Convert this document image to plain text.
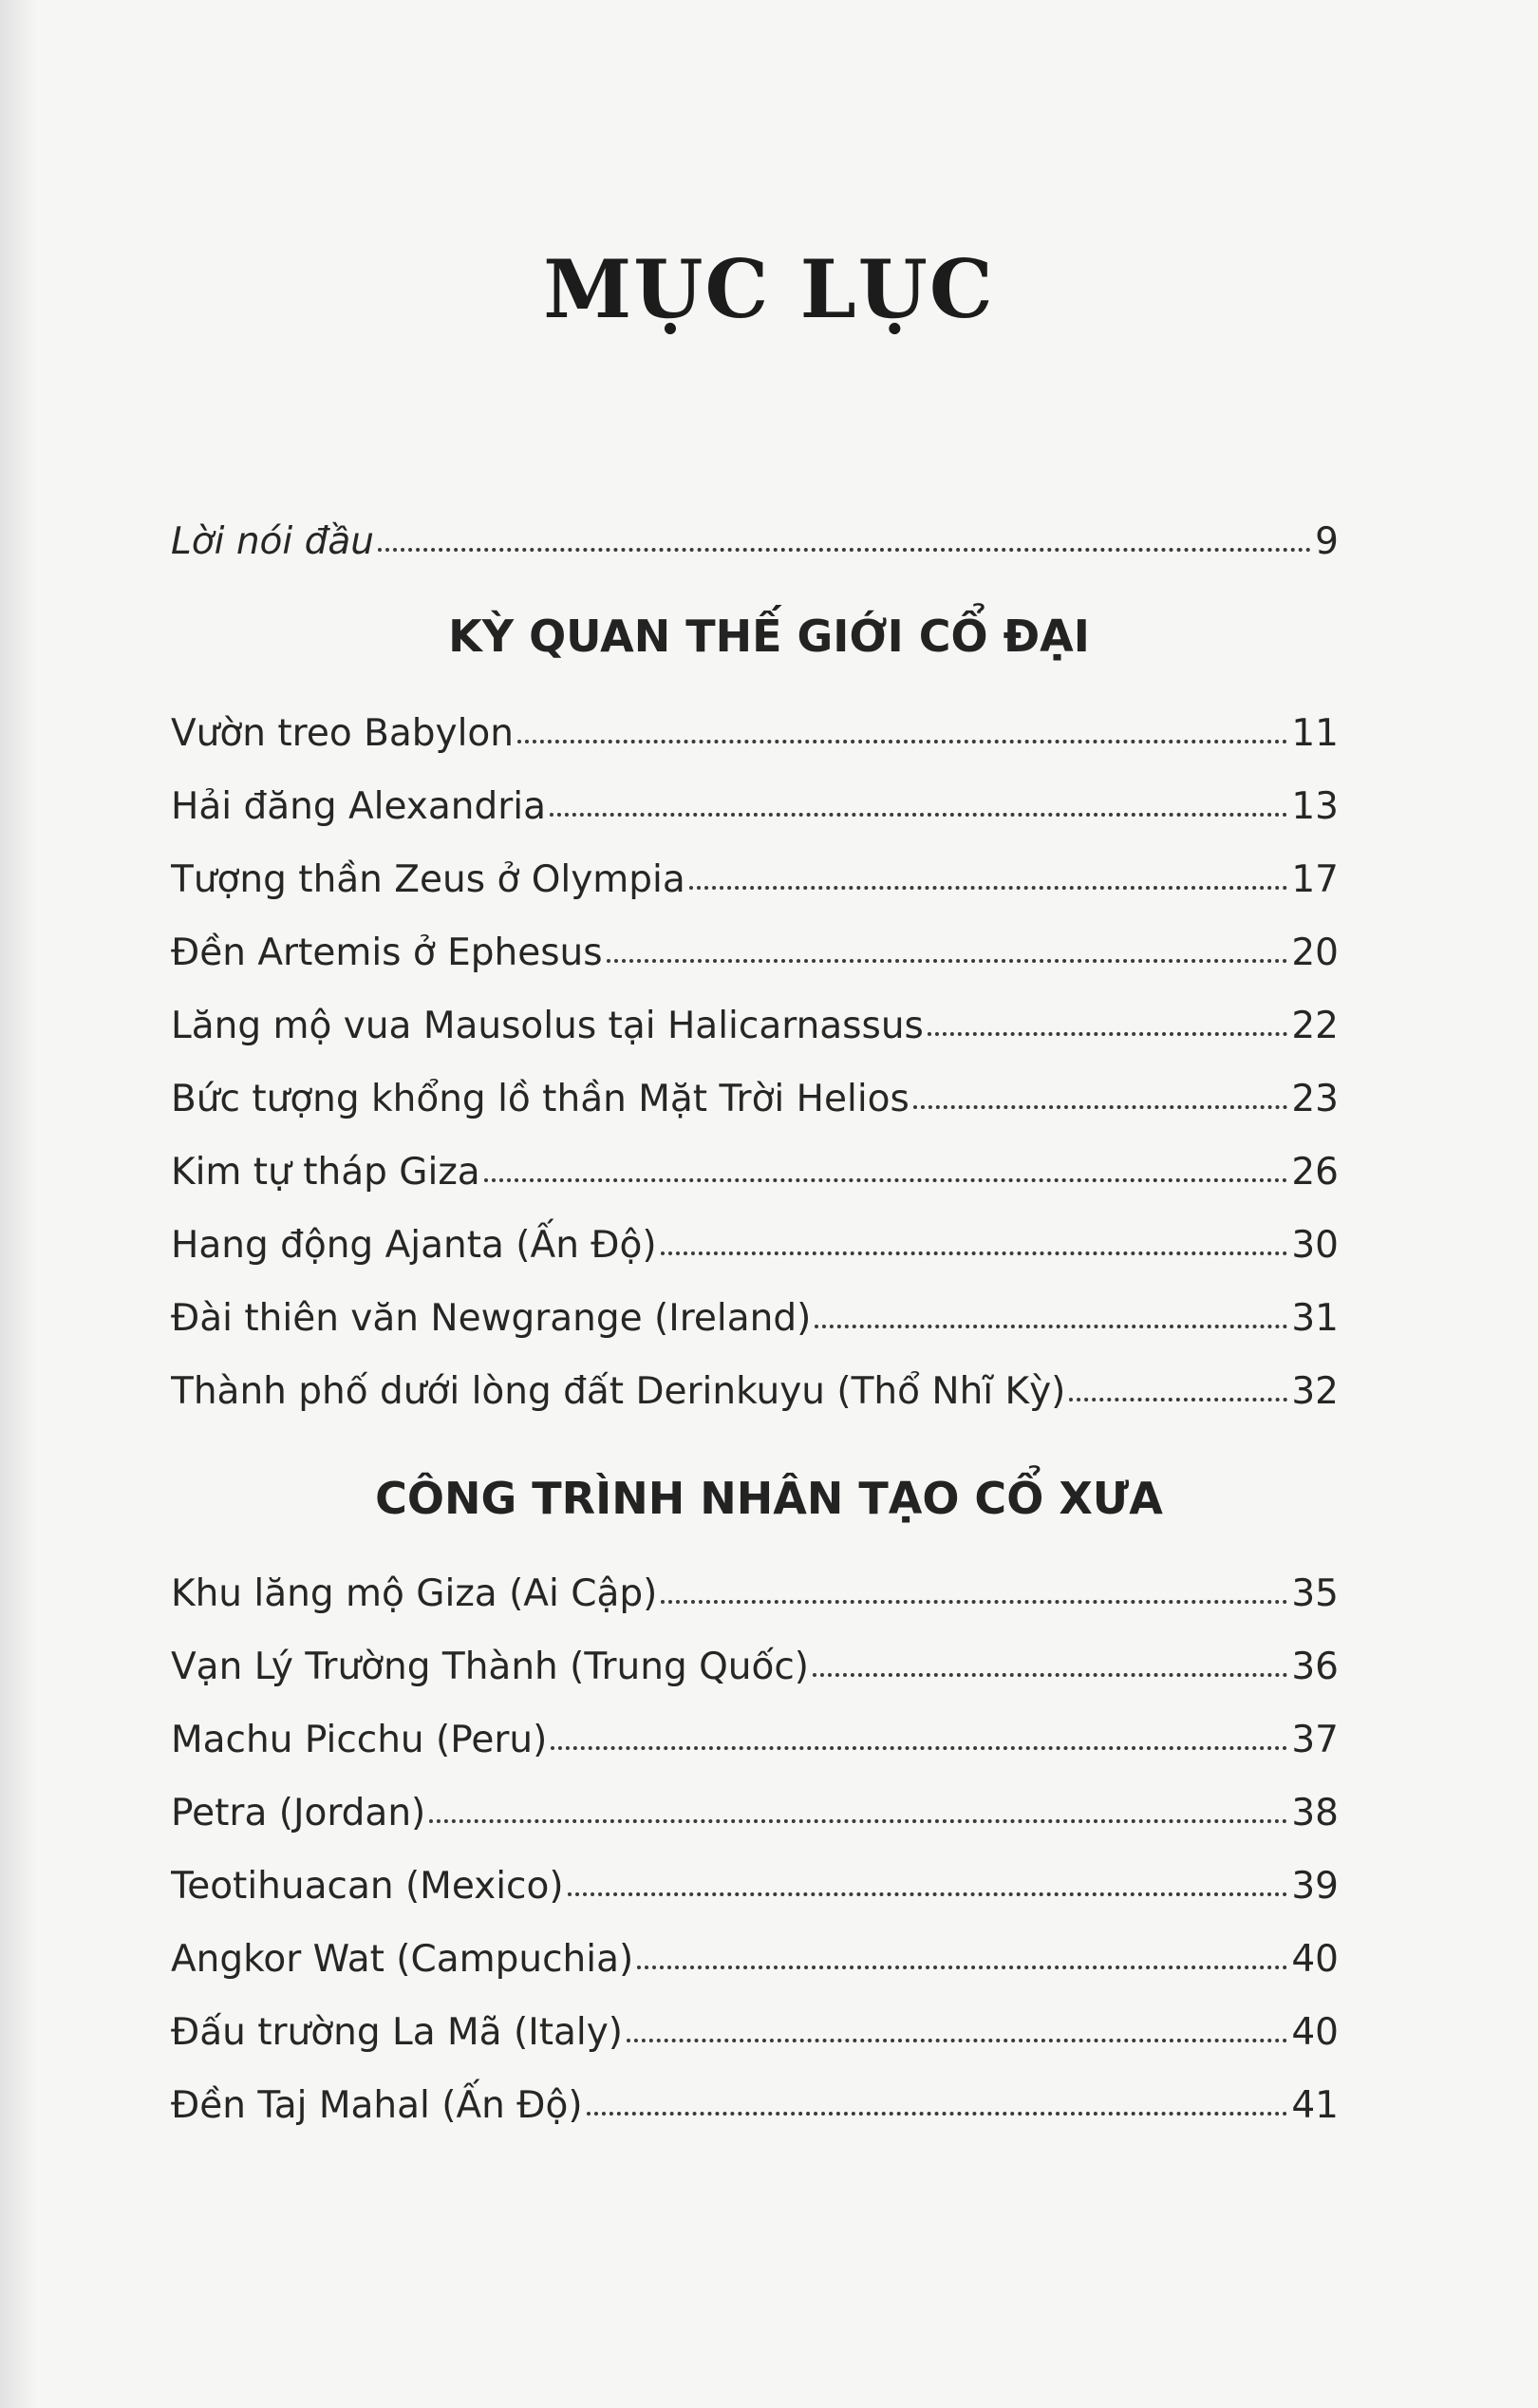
MỤC LỤC
Lời nói đầu	9
KỲ QUAN THẾ GIỚI CỔ ĐẠI
Vườn treo Babylon	11
Hải đăng Alexandria	13
Tượng thần Zeus ở Olympia	17
Đền Artemis ở Ephesus	20
Lăng mộ vua Mausolus tại Halicarnassus	22
Bức tượng khổng lồ thần Mặt Trời Helios	23
Kim tự tháp Giza	26
Hang động Ajanta (Ấn Độ)	30
Đài thiên văn Newgrange (Ireland)	31
Thành phố dưới lòng đất Derinkuyu (Thổ Nhĩ Kỳ)	32
CÔNG TRÌNH NHÂN TẠO CỔ XƯA
Khu lăng mộ Giza (Ai Cập)	35
Vạn Lý Trường Thành (Trung Quốc)	36
Machu Picchu (Peru)	37
Petra (Jordan)	38
Teotihuacan (Mexico)	39
Angkor Wat (Campuchia)	40
Đấu trường La Mã (Italy)	40
Đền Taj Mahal (Ấn Độ)	41
